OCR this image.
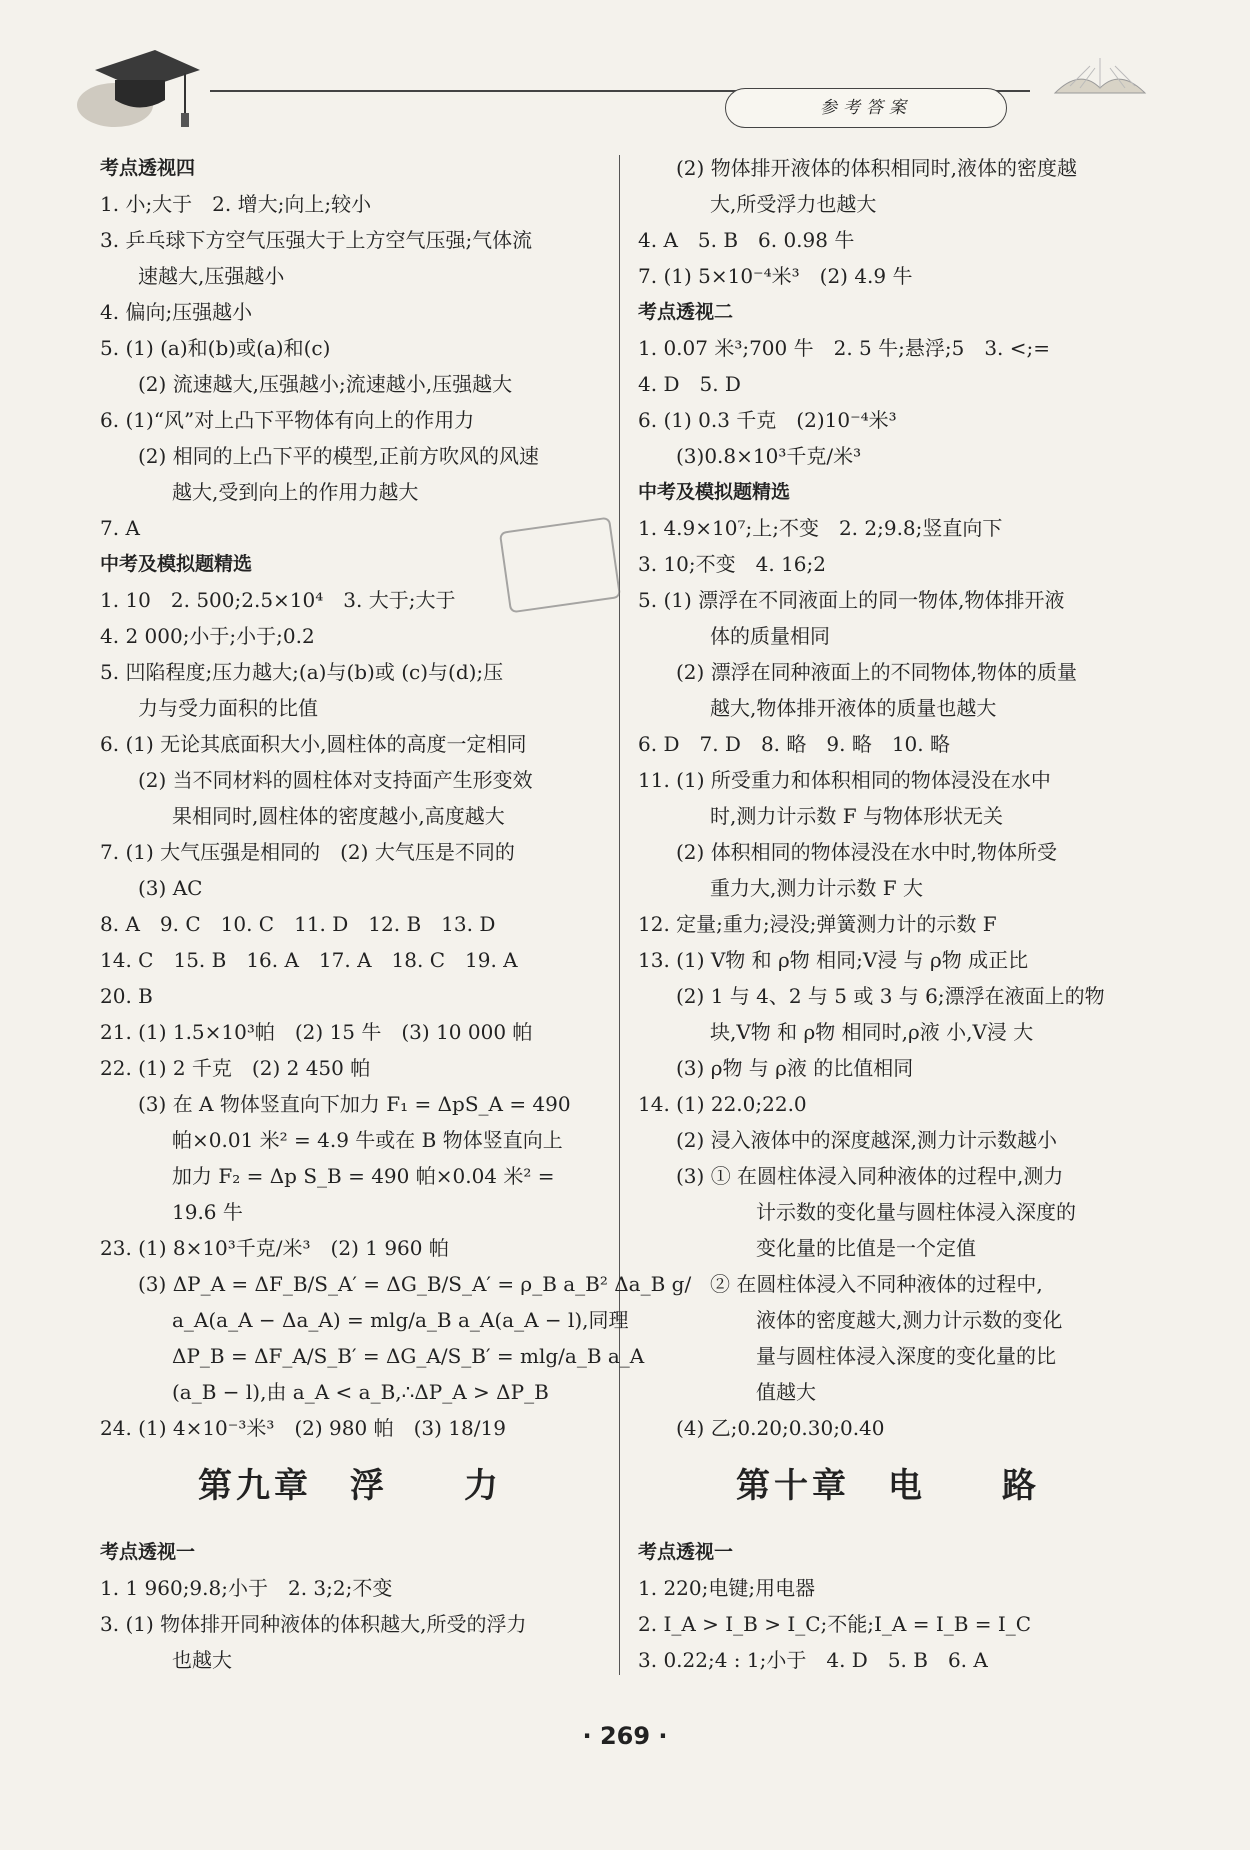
参考答案
考点透视四
1. 小;大于　2. 增大;向上;较小
3. 乒乓球下方空气压强大于上方空气压强;气体流
速越大,压强越小
4. 偏向;压强越小
5. (1) (a)和(b)或(a)和(c)
(2) 流速越大,压强越小;流速越小,压强越大
6. (1)“风”对上凸下平物体有向上的作用力
(2) 相同的上凸下平的模型,正前方吹风的风速
越大,受到向上的作用力越大
7. A
中考及模拟题精选
1. 10　2. 500;2.5×10⁴　3. 大于;大于
4. 2 000;小于;小于;0.2
5. 凹陷程度;压力越大;(a)与(b)或 (c)与(d);压
力与受力面积的比值
6. (1) 无论其底面积大小,圆柱体的高度一定相同
(2) 当不同材料的圆柱体对支持面产生形变效
果相同时,圆柱体的密度越小,高度越大
7. (1) 大气压强是相同的　(2) 大气压是不同的
(3) AC
8. A　9. C　10. C　11. D　12. B　13. D
14. C　15. B　16. A　17. A　18. C　19. A
20. B
21. (1) 1.5×10³帕　(2) 15 牛　(3) 10 000 帕
22. (1) 2 千克　(2) 2 450 帕
(3) 在 A 物体竖直向下加力 F₁ = ΔpS_A = 490
帕×0.01 米² = 4.9 牛或在 B 物体竖直向上
加力 F₂ = Δp S_B = 490 帕×0.04 米² =
19.6 牛
23. (1) 8×10³千克/米³　(2) 1 960 帕
(3) ΔP_A = ΔF_B/S_A′ = ΔG_B/S_A′ = ρ_B a_B² Δa_B g/
a_A(a_A − Δa_A) = mlg/a_B a_A(a_A − l),同理
ΔP_B = ΔF_A/S_B′ = ΔG_A/S_B′ = mlg/a_B a_A
(a_B − l),由 a_A < a_B,∴ΔP_A > ΔP_B
24. (1) 4×10⁻³米³　(2) 980 帕　(3) 18/19
第九章　浮　　力
考点透视一
1. 1 960;9.8;小于　2. 3;2;不变
3. (1) 物体排开同种液体的体积越大,所受的浮力
也越大
(2) 物体排开液体的体积相同时,液体的密度越
大,所受浮力也越大
4. A　5. B　6. 0.98 牛
7. (1) 5×10⁻⁴米³　(2) 4.9 牛
考点透视二
1. 0.07 米³;700 牛　2. 5 牛;悬浮;5　3. <;=
4. D　5. D
6. (1) 0.3 千克　(2)10⁻⁴米³
(3)0.8×10³千克/米³
中考及模拟题精选
1. 4.9×10⁷;上;不变　2. 2;9.8;竖直向下
3. 10;不变　4. 16;2
5. (1) 漂浮在不同液面上的同一物体,物体排开液
体的质量相同
(2) 漂浮在同种液面上的不同物体,物体的质量
越大,物体排开液体的质量也越大
6. D　7. D　8. 略　9. 略　10. 略
11. (1) 所受重力和体积相同的物体浸没在水中
时,测力计示数 F 与物体形状无关
(2) 体积相同的物体浸没在水中时,物体所受
重力大,测力计示数 F 大
12. 定量;重力;浸没;弹簧测力计的示数 F
13. (1) V物 和 ρ物 相同;V浸 与 ρ物 成正比
(2) 1 与 4、2 与 5 或 3 与 6;漂浮在液面上的物
块,V物 和 ρ物 相同时,ρ液 小,V浸 大
(3) ρ物 与 ρ液 的比值相同
14. (1) 22.0;22.0
(2) 浸入液体中的深度越深,测力计示数越小
(3) ① 在圆柱体浸入同种液体的过程中,测力
计示数的变化量与圆柱体浸入深度的
变化量的比值是一个定值
② 在圆柱体浸入不同种液体的过程中,
液体的密度越大,测力计示数的变化
量与圆柱体浸入深度的变化量的比
值越大
(4) 乙;0.20;0.30;0.40
第十章　电　　路
考点透视一
1. 220;电键;用电器
2. I_A > I_B > I_C;不能;I_A = I_B = I_C
3. 0.22;4 : 1;小于　4. D　5. B　6. A
· 269 ·
